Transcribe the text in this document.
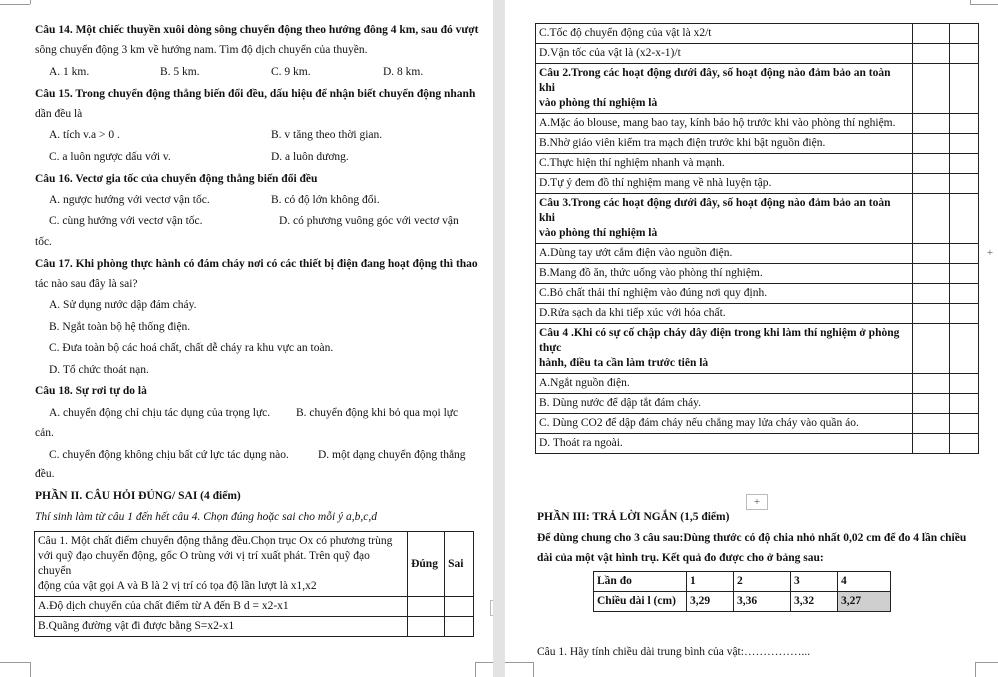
Câu 14. Một chiếc thuyền xuôi dòng sông chuyển động theo hướng đông 4 km, sau đó vượt
sông chuyển động 3 km về hướng nam. Tìm độ dịch chuyển của thuyền.
A. 1 km.	B. 5 km.	C. 9 km.	D. 8 km.
Câu 15. Trong chuyển động thẳng biến đổi đều, dấu hiệu để nhận biết chuyển động nhanh
dần đều là
A. tích v.a > 0 .	B. v tăng theo thời gian.
C. a luôn ngược dấu với v.	D. a luôn dương.
Câu 16. Vectơ gia tốc của chuyển động thẳng biến đổi đều
A. ngược hướng với vectơ vận tốc.	B. có độ lớn không đổi.
C. cùng hướng với vectơ vận tốc.	D. có phương vuông góc với vectơ vận
tốc.
Câu 17. Khi phòng thực hành có đám cháy nơi có các thiết bị điện đang hoạt động thì thao
tác nào sau đây là sai?
A. Sử dụng nước dập đám cháy.
B. Ngắt toàn bộ hệ thống điện.
C. Đưa toàn bộ các hoá chất, chất dễ cháy ra khu vực an toàn.
D. Tổ chức thoát nạn.
Câu 18. Sự rơi tự do là
A. chuyển động chỉ chịu tác dụng của trọng lực. B. chuyển động khi bỏ qua mọi lực
cản.
C. chuyển động không chịu bất cứ lực tác dụng nào.	D. một dạng chuyển động thẳng
đều.
PHẦN II. CÂU HỎI ĐÚNG/ SAI (4 điểm)
Thí sinh làm từ câu 1 đến hết câu 4. Chọn đúng hoặc sai cho mỗi ý a,b,c,d
Câu 1. Một chất điểm chuyển động thẳng đều.Chọn trục Ox có phương trùng
với quỹ đạo chuyển động, gốc O trùng với vị trí xuất phát. Trên quỹ đạo chuyển
động của vật gọi A và B là 2 vị trí có tọa độ lần lượt là x1,x2	Đúng	Sai
A.Độ dịch chuyển của chất điểm từ A đến B d = x2-x1		
B.Quãng đường vật đi được bằng S=x2-x1		
C.Tốc độ chuyển động của vật là x2/t		

D.Vận tốc của vật là (x2-x-1)/t		

Câu 2.Trong các hoạt động dưới đây, số hoạt động nào đảm bảo an toàn khi
vào phòng thí nghiệm là		

A.Mặc áo blouse, mang bao tay, kính bảo hộ trước khi vào phòng thí nghiệm.		

B.Nhờ giáo viên kiểm tra mạch điện trước khi bật nguồn điện.		

C.Thực hiện thí nghiệm nhanh và mạnh.		

D.Tự ý đem đồ thí nghiệm mang về nhà luyện tập.		

Câu 3.Trong các hoạt động dưới đây, số hoạt động nào đảm bảo an toàn khi
vào phòng thí nghiệm là		

A.Dùng tay ướt cắm điện vào nguồn điện.		

B.Mang đồ ăn, thức uống vào phòng thí nghiệm.		

C.Bỏ chất thải thí nghiệm vào đúng nơi quy định.		

D.Rửa sạch da khi tiếp xúc với hóa chất.		

Câu 4 .Khi có sự cố chập cháy dây điện trong khi làm thí nghiệm ở phòng thực
hành, điều ta cần làm trước tiên là		

A.Ngắt nguồn điện.		

B. Dùng nước để dập tắt đám cháy.		

C. Dùng CO2 để dập đám cháy nếu chẳng may lửa cháy vào quần áo.		

D. Thoát ra ngoài.		

PHẦN III: TRẢ LỜI NGẮN (1,5 điểm)
Để dùng chung cho 3 câu sau:Dùng thước có độ chia nhỏ nhất 0,02 cm để đo 4 lần chiều
dài của một vật hình trụ. Kết quả đo được cho ở bảng sau:
Lần đo	1	2	3	4
Chiều dài l (cm)	3,29	3,36	3,32	3,27
Câu 1. Hãy tính chiều dài trung bình của vật:……………...
+
+
